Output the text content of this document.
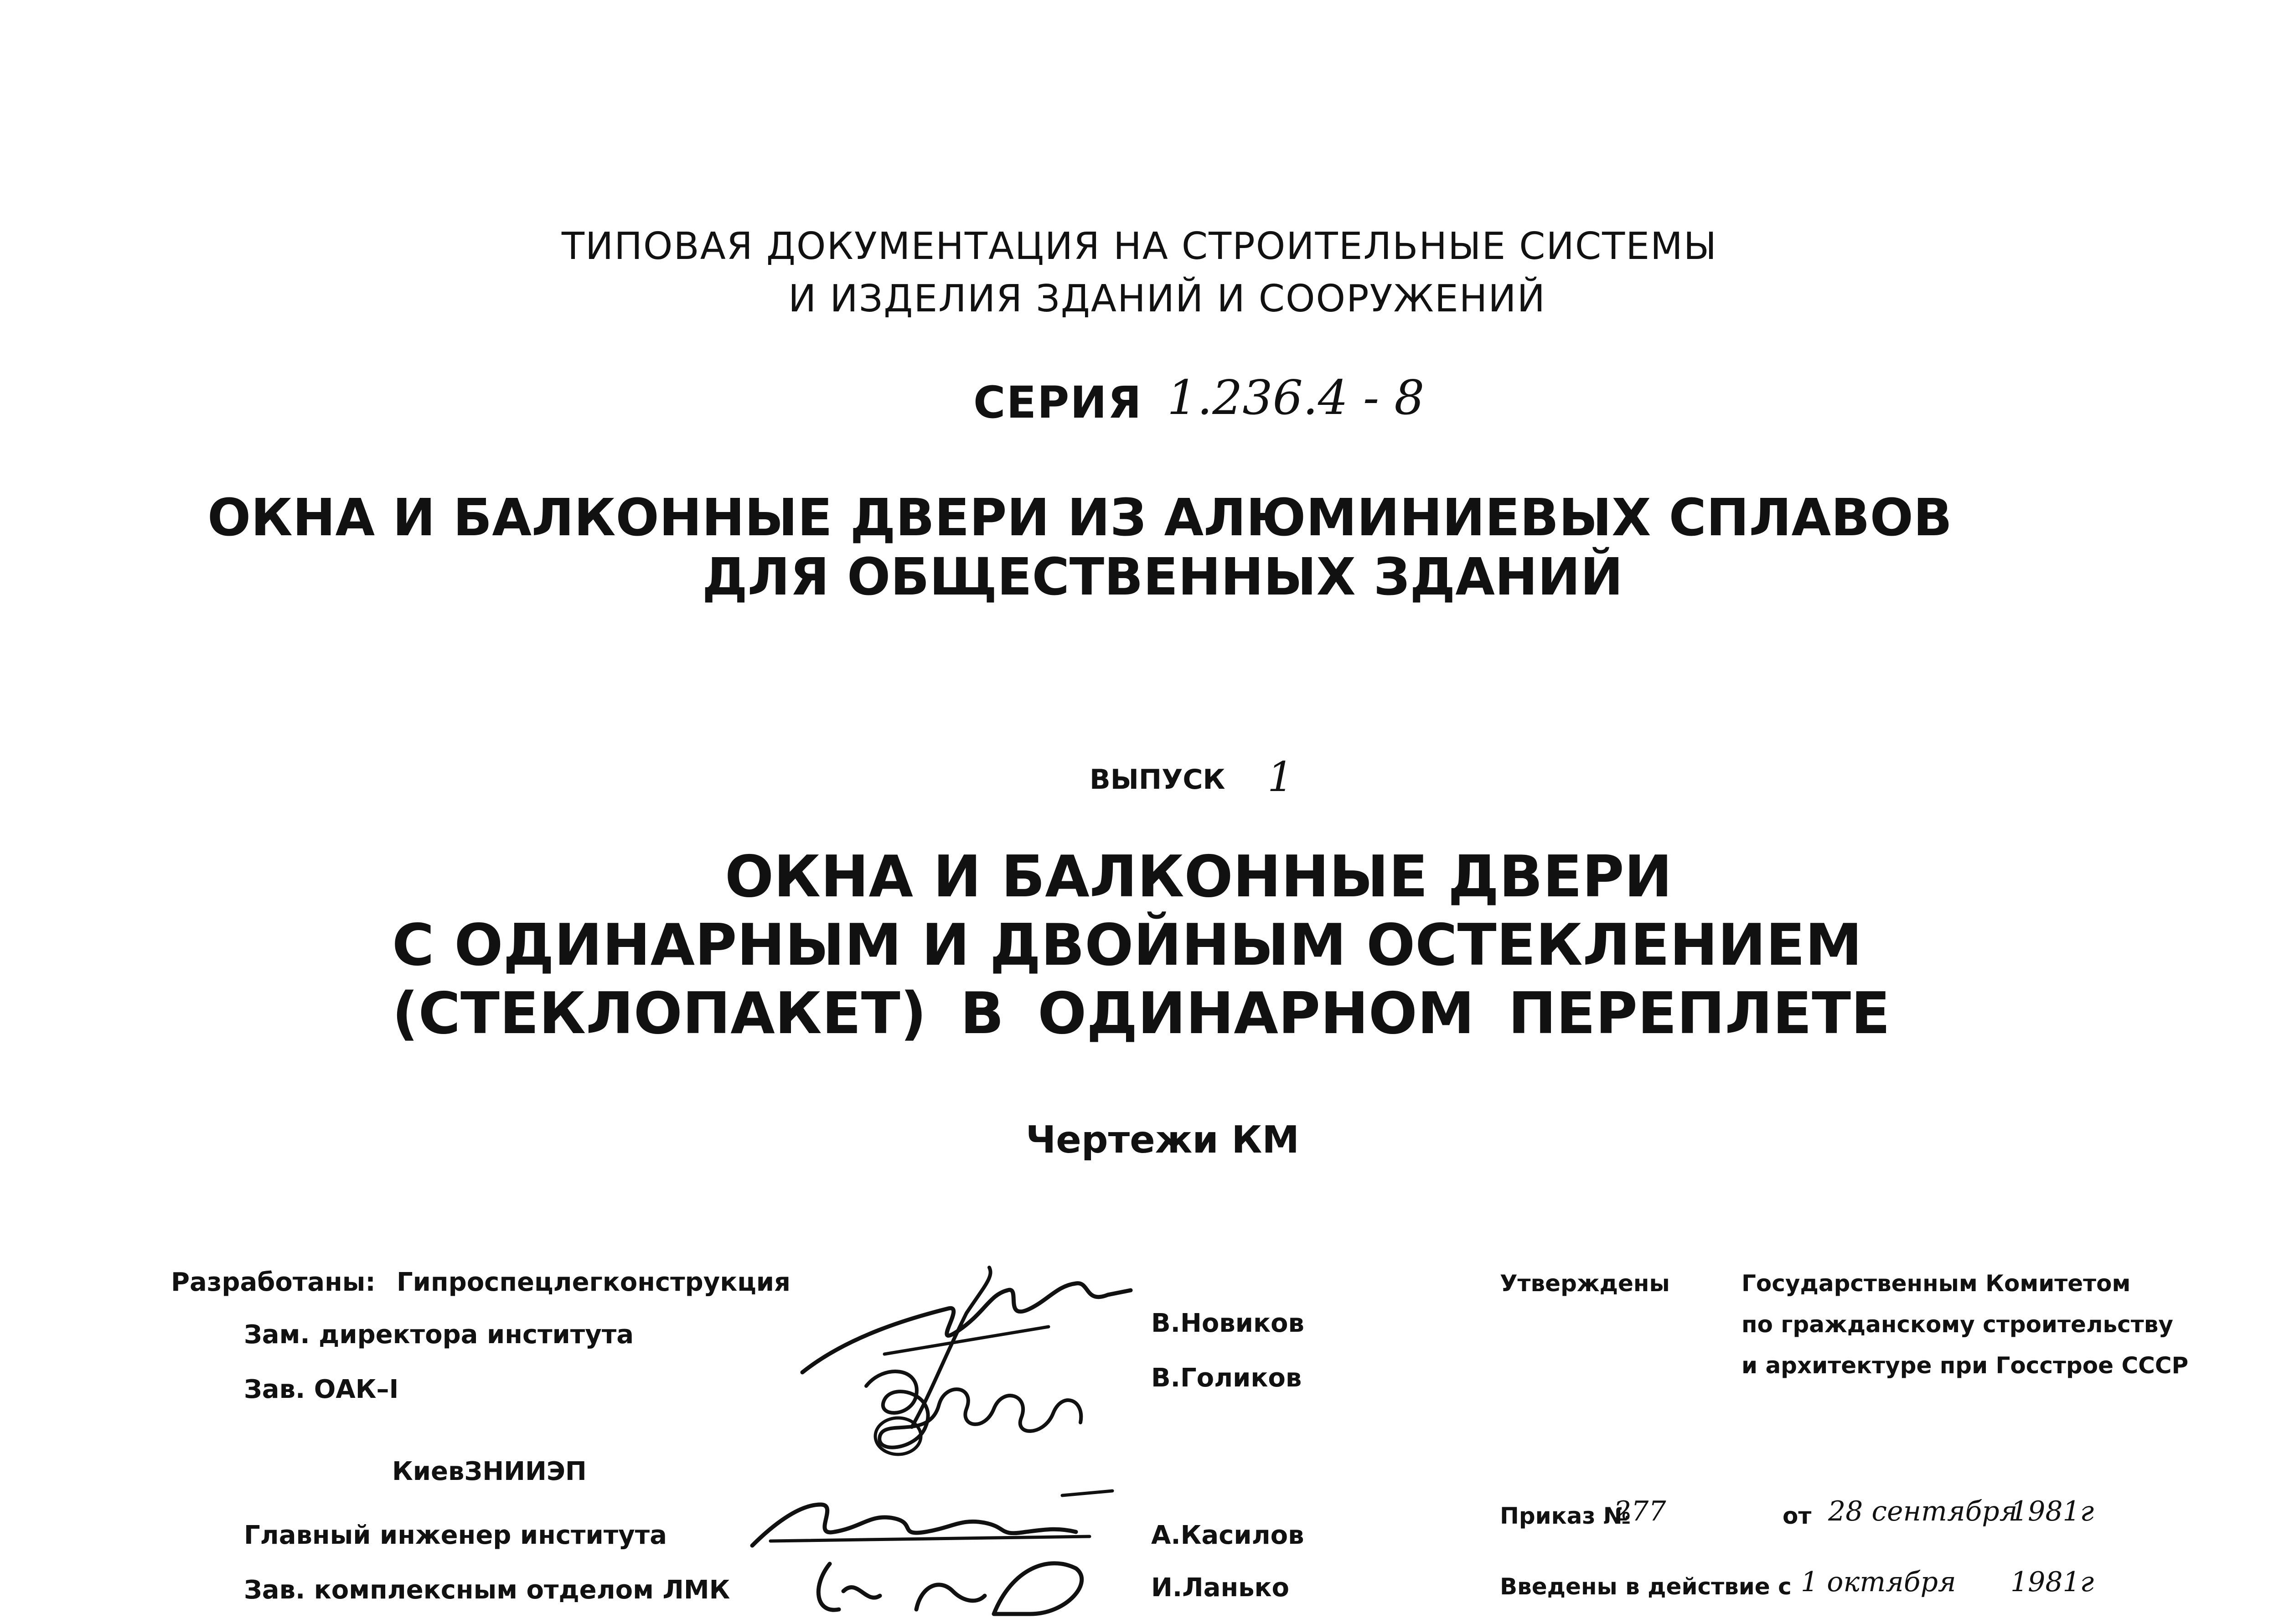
ТИПОВАЯ ДОКУМЕНТАЦИЯ НА СТРОИТЕЛЬНЫЕ СИСТЕМЫ
И ИЗДЕЛИЯ ЗДАНИЙ И СООРУЖЕНИЙ
СЕРИЯ 1.236.4 - 8
ОКНА И БАЛКОННЫЕ ДВЕРИ ИЗ АЛЮМИНИЕВЫХ СПЛАВОВ
ДЛЯ ОБЩЕСТВЕННЫХ ЗДАНИЙ
ВЫПУСК 1
ОКНА И БАЛКОННЫЕ ДВЕРИ
С ОДИНАРНЫМ И ДВОЙНЫМ ОСТЕКЛЕНИЕМ
(СТЕКЛОПАКЕТ) В ОДИНАРНОМ ПЕРЕПЛЕТЕ
Чертежи КМ
Разработаны: Гипроспецлегконструкция
Зам. директора института
Зав. ОАК–I
КиевЗНИИЭП
Главный инженер института
Зав. комплексным отделом ЛМК
В.Новиков
В.Голиков
А.Касилов
И.Ланько
Утверждены	Государственным Комитетом
по гражданскому строительству
и архитектуре при Госстрое СССР
Приказ №
277	от 28 сентября
1981г
Введены в действие с 1 октября 1981г
